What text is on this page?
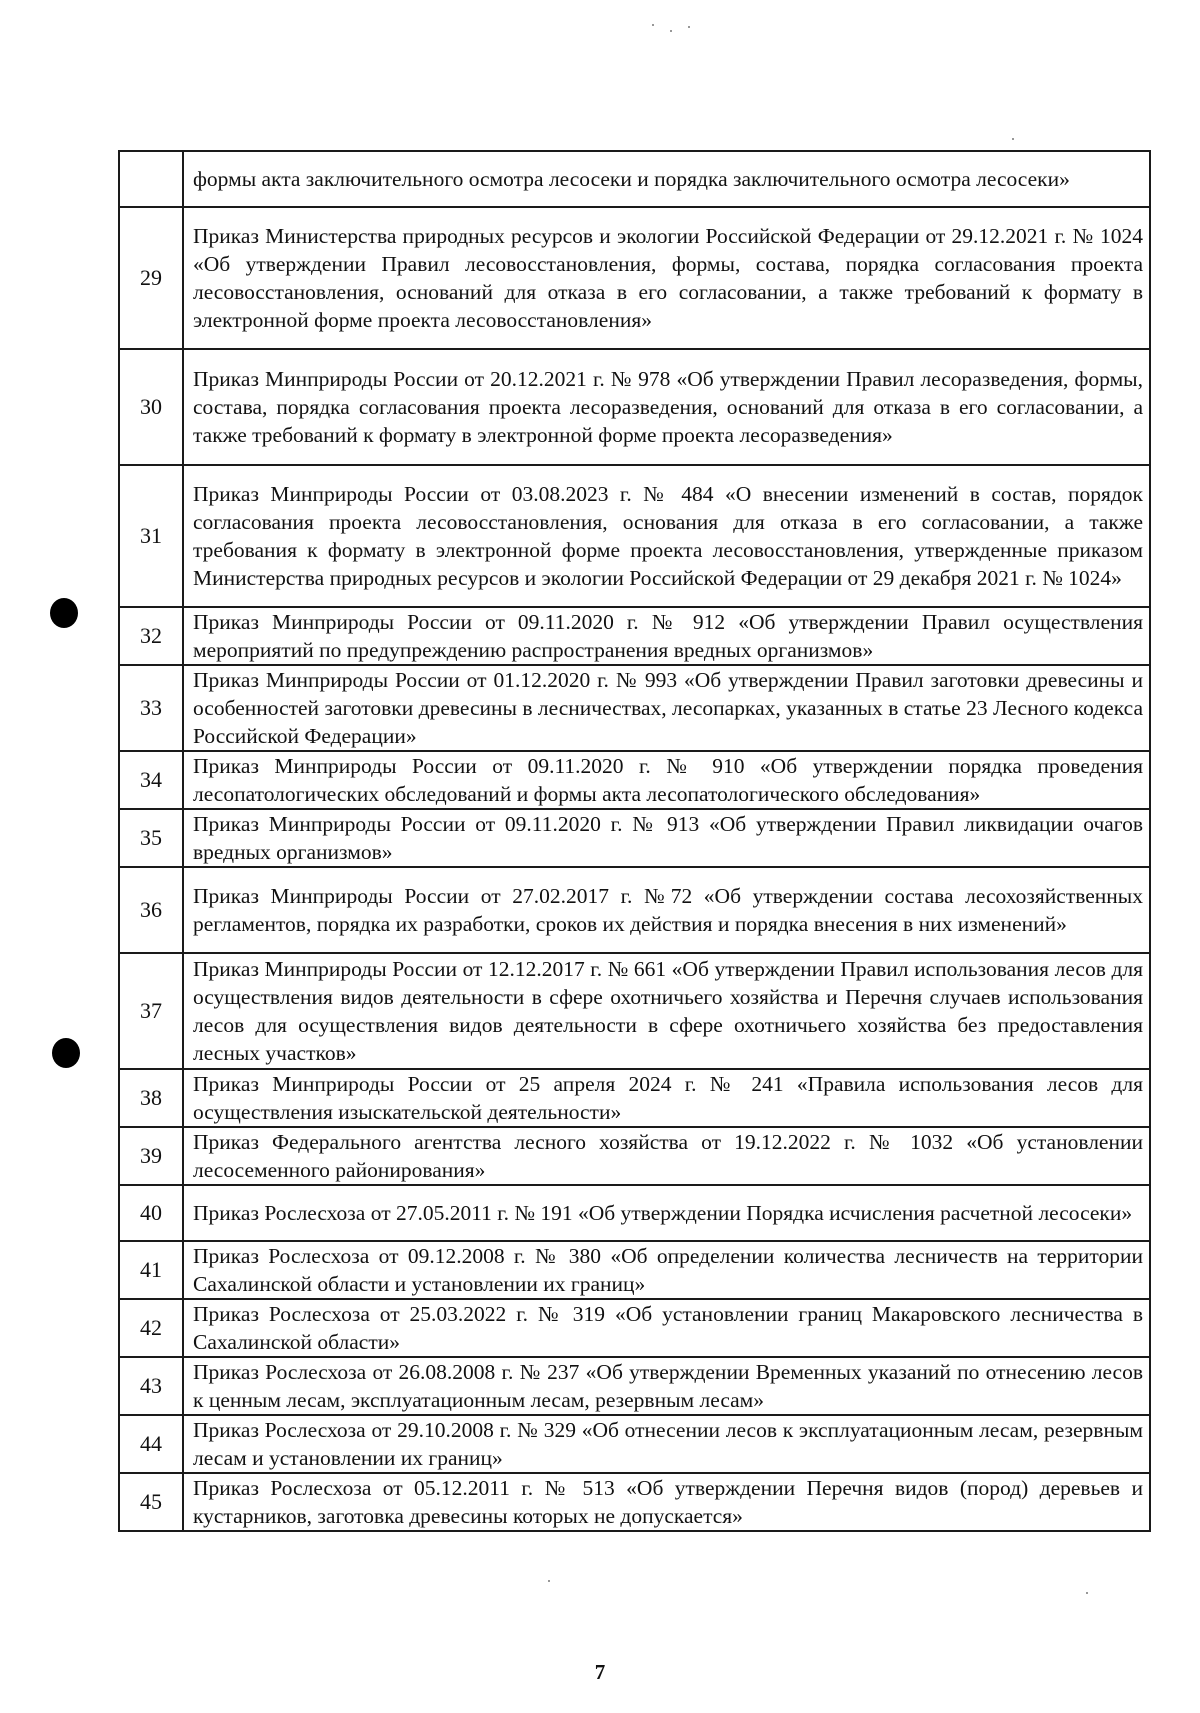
	формы акта заключительного осмотра лесосеки и порядка заключительного осмотра лесосеки»
29	Приказ Министерства природных ресурсов и экологии Российской Федерации от 29.12.2021 г. № 1024 «Об утверждении Правил лесовосстановления, формы, состава, порядка согласования проекта лесовосстановления, оснований для отказа в его согласовании, а также требований к формату в электронной форме проекта лесовосстановления»
30	Приказ Минприроды России от 20.12.2021 г. № 978 «Об утверждении Правил лесоразведения, формы, состава, порядка согласования проекта лесоразведения, оснований для отказа в его согласовании, а также требований к формату в электронной форме проекта лесоразведения»
31	Приказ Минприроды России от 03.08.2023 г. № 484 «О внесении изменений в состав, порядок согласования проекта лесовосстановления, основания для отказа в его согласовании, а также требования к формату в электронной форме проекта лесовосстановления, утвержденные приказом Министерства природных ресурсов и экологии Российской Федерации от 29 декабря 2021 г. № 1024»
32	Приказ Минприроды России от 09.11.2020 г. № 912 «Об утверждении Правил осуществления мероприятий по предупреждению распространения вредных организмов»
33	Приказ Минприроды России от 01.12.2020 г. № 993 «Об утверждении Правил заготовки древесины и особенностей заготовки древесины в лесничествах, лесопарках, указанных в статье 23 Лесного кодекса Российской Федерации»
34	Приказ Минприроды России от 09.11.2020 г. № 910 «Об утверждении порядка проведения лесопатологических обследований и формы акта лесопатологического обследования»
35	Приказ Минприроды России от 09.11.2020 г. № 913 «Об утверждении Правил ликвидации очагов вредных организмов»
36	Приказ Минприроды России от 27.02.2017 г. №72 «Об утверждении состава лесохозяйственных регламентов, порядка их разработки, сроков их действия и порядка внесения в них изменений»
37	Приказ Минприроды России от 12.12.2017 г. № 661 «Об утверждении Правил использования лесов для осуществления видов деятельности в сфере охотничьего хозяйства и Перечня случаев использования лесов для осуществления видов деятельности в сфере охотничьего хозяйства без предоставления лесных участков»
38	Приказ Минприроды России от 25 апреля 2024 г. № 241 «Правила использования лесов для осуществления изыскательской деятельности»
39	Приказ Федерального агентства лесного хозяйства от 19.12.2022 г. № 1032 «Об установлении лесосеменного районирования»
40	Приказ Рослесхоза от 27.05.2011 г. № 191 «Об утверждении Порядка исчисления расчетной лесосеки»
41	Приказ Рослесхоза от 09.12.2008 г. № 380 «Об определении количества лесничеств на территории Сахалинской области и установлении их границ»
42	Приказ Рослесхоза от 25.03.2022 г. № 319 «Об установлении границ Макаровского лесничества в Сахалинской области»
43	Приказ Рослесхоза от 26.08.2008 г. № 237 «Об утверждении Временных указаний по отнесению лесов к ценным лесам, эксплуатационным лесам, резервным лесам»
44	Приказ Рослесхоза от 29.10.2008 г. № 329 «Об отнесении лесов к эксплуатационным лесам, резервным лесам и установлении их границ»
45	Приказ Рослесхоза от 05.12.2011 г. № 513 «Об утверждении Перечня видов (пород) деревьев и кустарников, заготовка древесины которых не допускается»
7
